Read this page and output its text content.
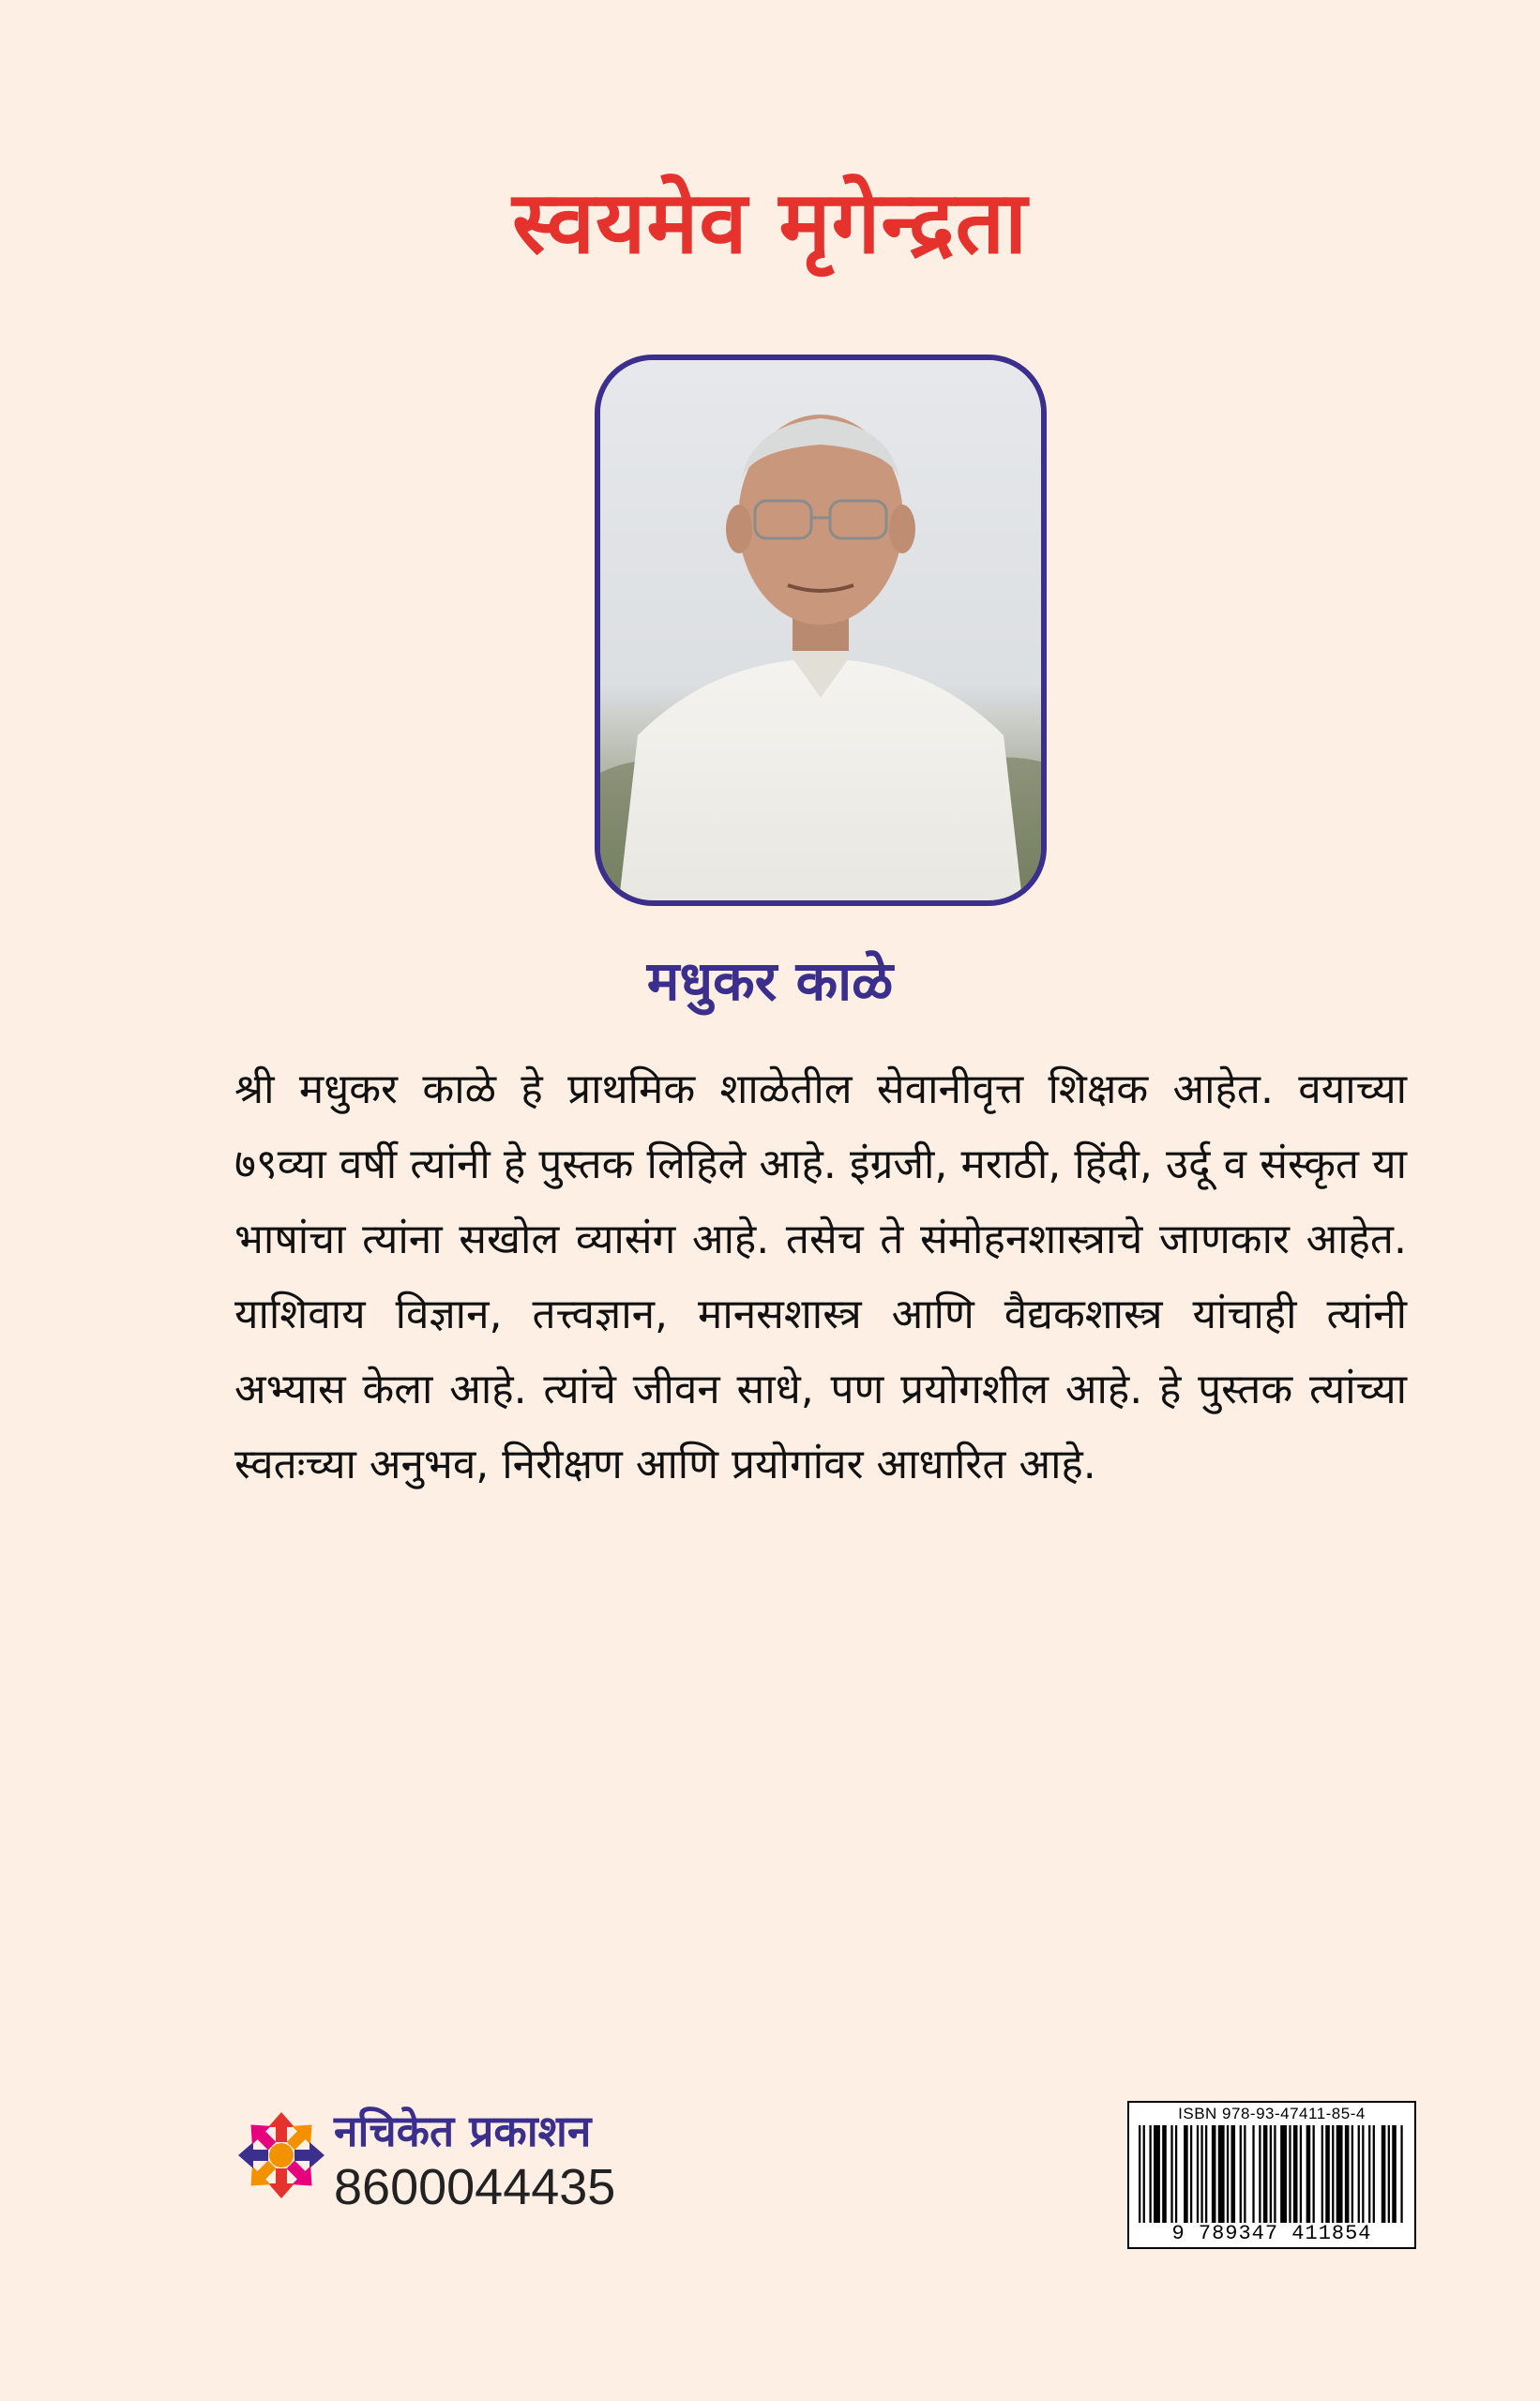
स्वयमेव मृगेन्द्रता
मधुकर काळे
श्री मधुकर काळे हे प्राथमिक शाळेतील सेवानीवृत्त शिक्षक आहेत. वयाच्या ७९व्या वर्षी त्यांनी हे पुस्तक लिहिले आहे. इंग्रजी, मराठी, हिंदी, उर्दू व संस्कृत या भाषांचा त्यांना सखोल व्यासंग आहे. तसेच ते संमोहनशास्त्राचे जाणकार आहेत. याशिवाय विज्ञान, तत्त्वज्ञान, मानसशास्त्र आणि वैद्यकशास्त्र यांचाही त्यांनी अभ्यास केला आहे. त्यांचे जीवन साधे, पण प्रयोगशील आहे. हे पुस्तक त्यांच्या स्वतःच्या अनुभव, निरीक्षण आणि प्रयोगांवर आधारित आहे.
नचिकेत प्रकाशन
8600044435
ISBN 978-93-47411-85-4
9 789347 411854
